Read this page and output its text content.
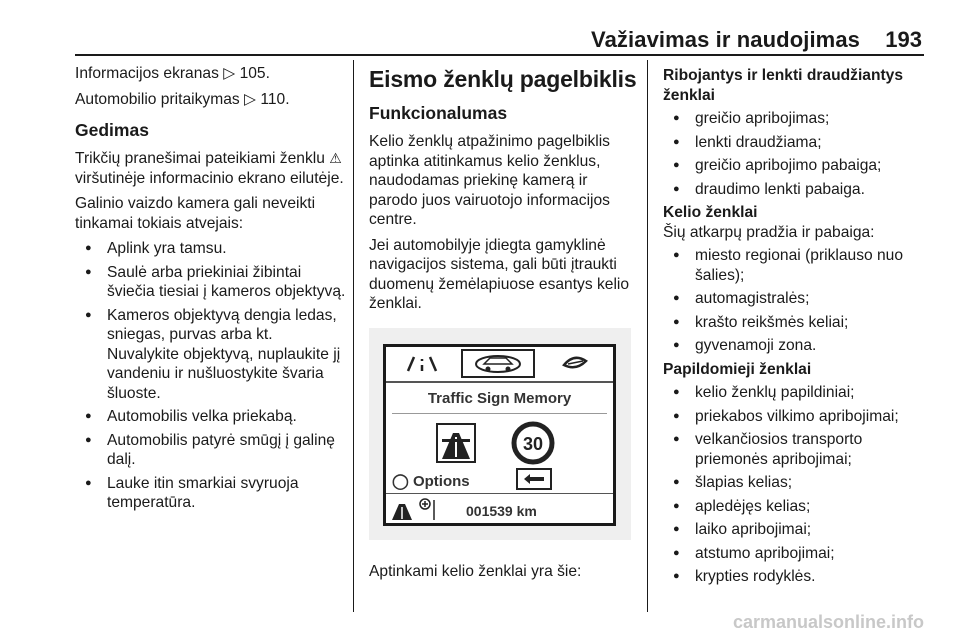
Važiavimas ir naudojimas 193

Informacijos ekranas ▷ 105.

Automobilio pritaikymas ▷ 110.

Gedimas

Trikčių pranešimai pateikiami ženklu ⚠ viršutinėje informacinio ekrano eilutėje.

Galinio vaizdo kamera gali neveikti tinkamai tokiais atvejais:

● Aplink yra tamsu.
● Saulė arba priekiniai žibintai šviečia tiesiai į kameros objektyvą.
● Kameros objektyvą dengia ledas, sniegas, purvas arba kt. Nuvalykite objektyvą, nuplaukite jį vandeniu ir nušluostykite švaria šluoste.
● Automobilis velka priekabą.
● Automobilis patyrė smūgį į galinę dalį.
● Lauke itin smarkiai svyruoja temperatūra.
Eismo ženklų pagelbiklis
Funkcionalumas

Kelio ženklų atpažinimo pagelbiklis aptinka atitinkamus kelio ženklus, naudodamas priekinę kamerą ir parodo juos vairuotojo informacijos centre.

Jei automobilyje įdiegta gamyklinė navigacijos sistema, gali būti įtraukti duomenų žemėlapiuose esantys kelio ženklai.

Traffic Sign Memory
30
◯ Options
001539 km

Aptinkami kelio ženklai yra šie:

Ribojantys ir lenkti draudžiantys ženklai
● greičio apribojimas;
● lenkti draudžiama;
● greičio apribojimo pabaiga;
● draudimo lenkti pabaiga.
Kelio ženklai

Šių atkarpų pradžia ir pabaiga:

● miesto regionai (priklauso nuo šalies);
● automagistralės;
● krašto reikšmės keliai;
● gyvenamoji zona.
Papildomieji ženklai
● kelio ženklų papildiniai;
● priekabos vilkimo apribojimai;
● velkančiosios transporto priemonės apribojimai;
● šlapias kelias;
● apledėjęs kelias;
● laiko apribojimai;
● atstumo apribojimai;
● krypties rodyklės.
carmanualsonline.info
